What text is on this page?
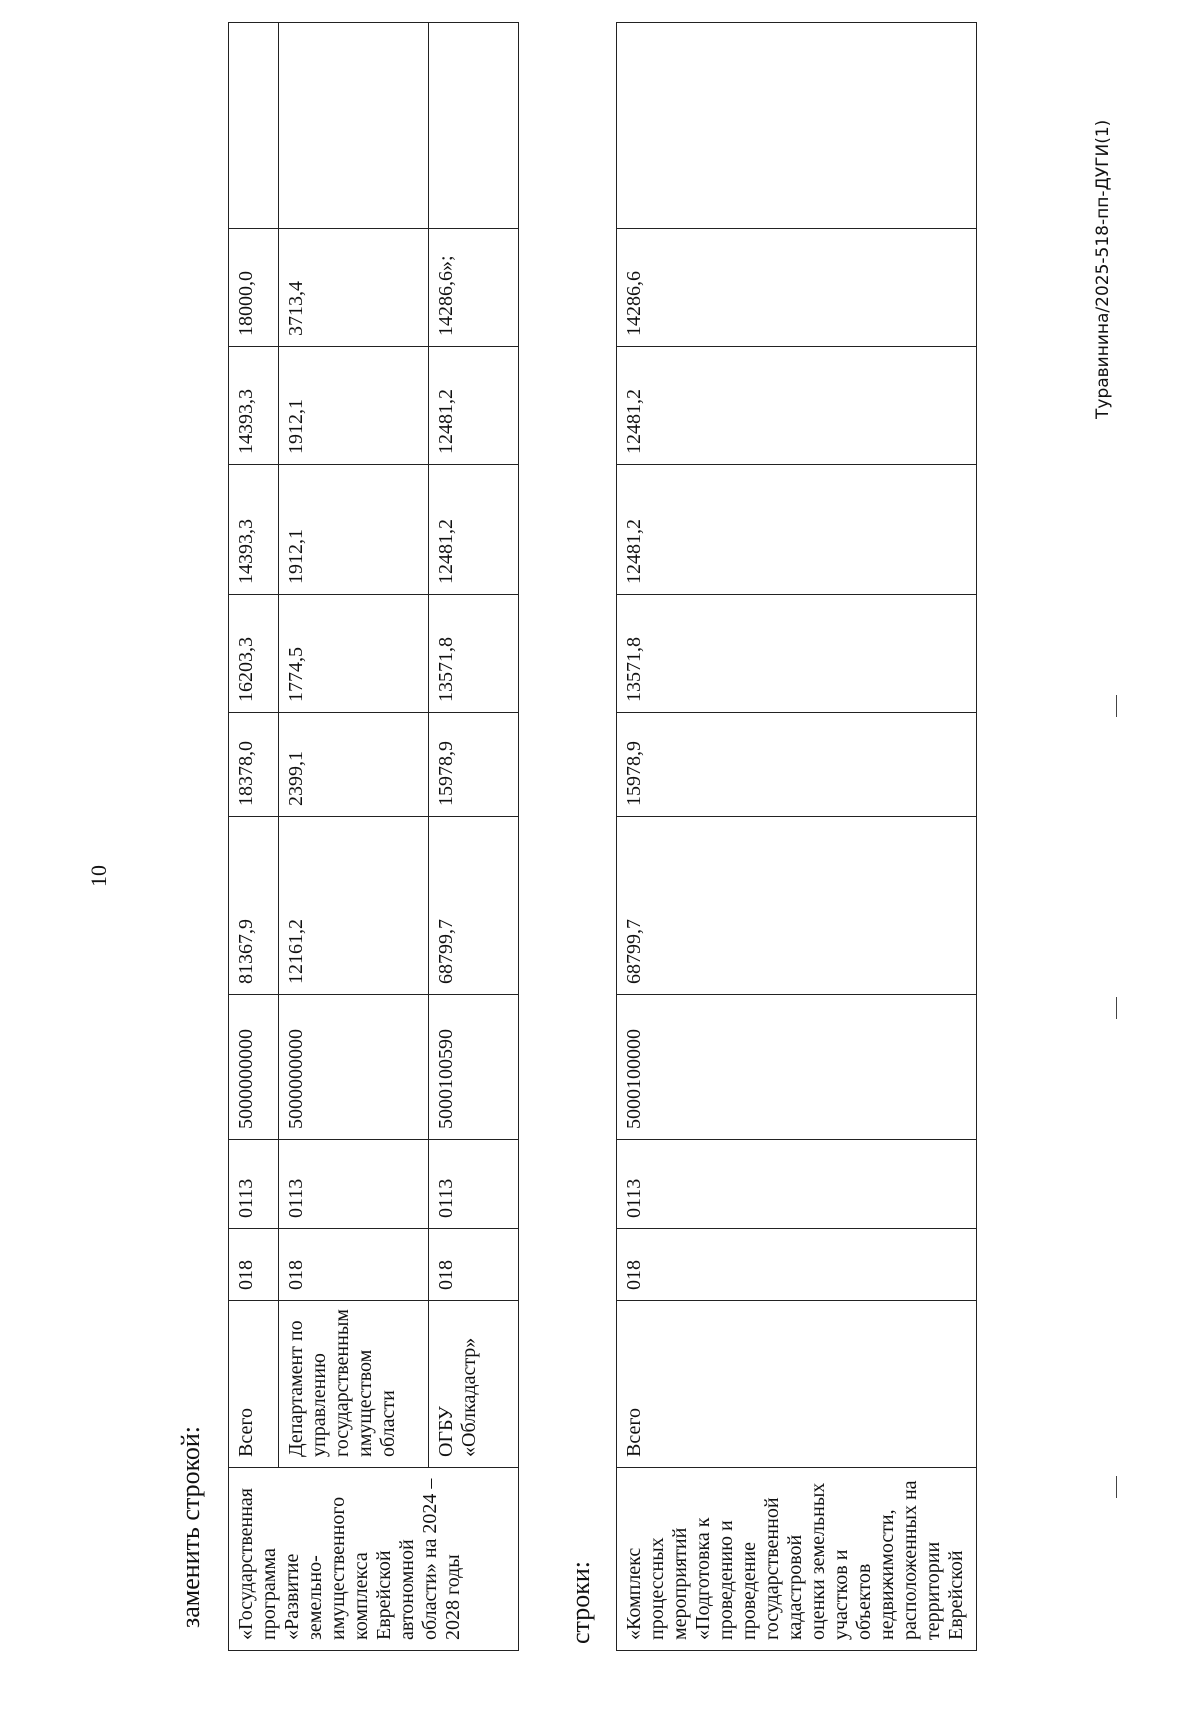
10
заменить строкой: «Государственная программа «Развитие земельно-имущественного комплекса Еврейской автономной области» на 2024 – 2028 годы	Всего	018	0113	5000000000	81367,9	18378,0	16203,3	14393,3	14393,3	18000,0	
	Департамент по управлению государственным имуществом области	018	0113	5000000000	12161,2	2399,1	1774,5	1912,1	1912,1	3713,4	
	ОГБУ «Облкадастр»	018	0113	5000100590	68799,7	15978,9	13571,8	12481,2	12481,2	14286,6»;	
строки: «Комплекс процессных мероприятий «Подготовка к проведению и проведение государственной кадастровой оценки земельных участков и объектов недвижимости, расположенных на территории Еврейской	Всего	018	0113	5000100000	68799,7	15978,9	13571,8	12481,2	12481,2	14286,6		Туравинина/2025-518-пп-ДУГИ(1)
